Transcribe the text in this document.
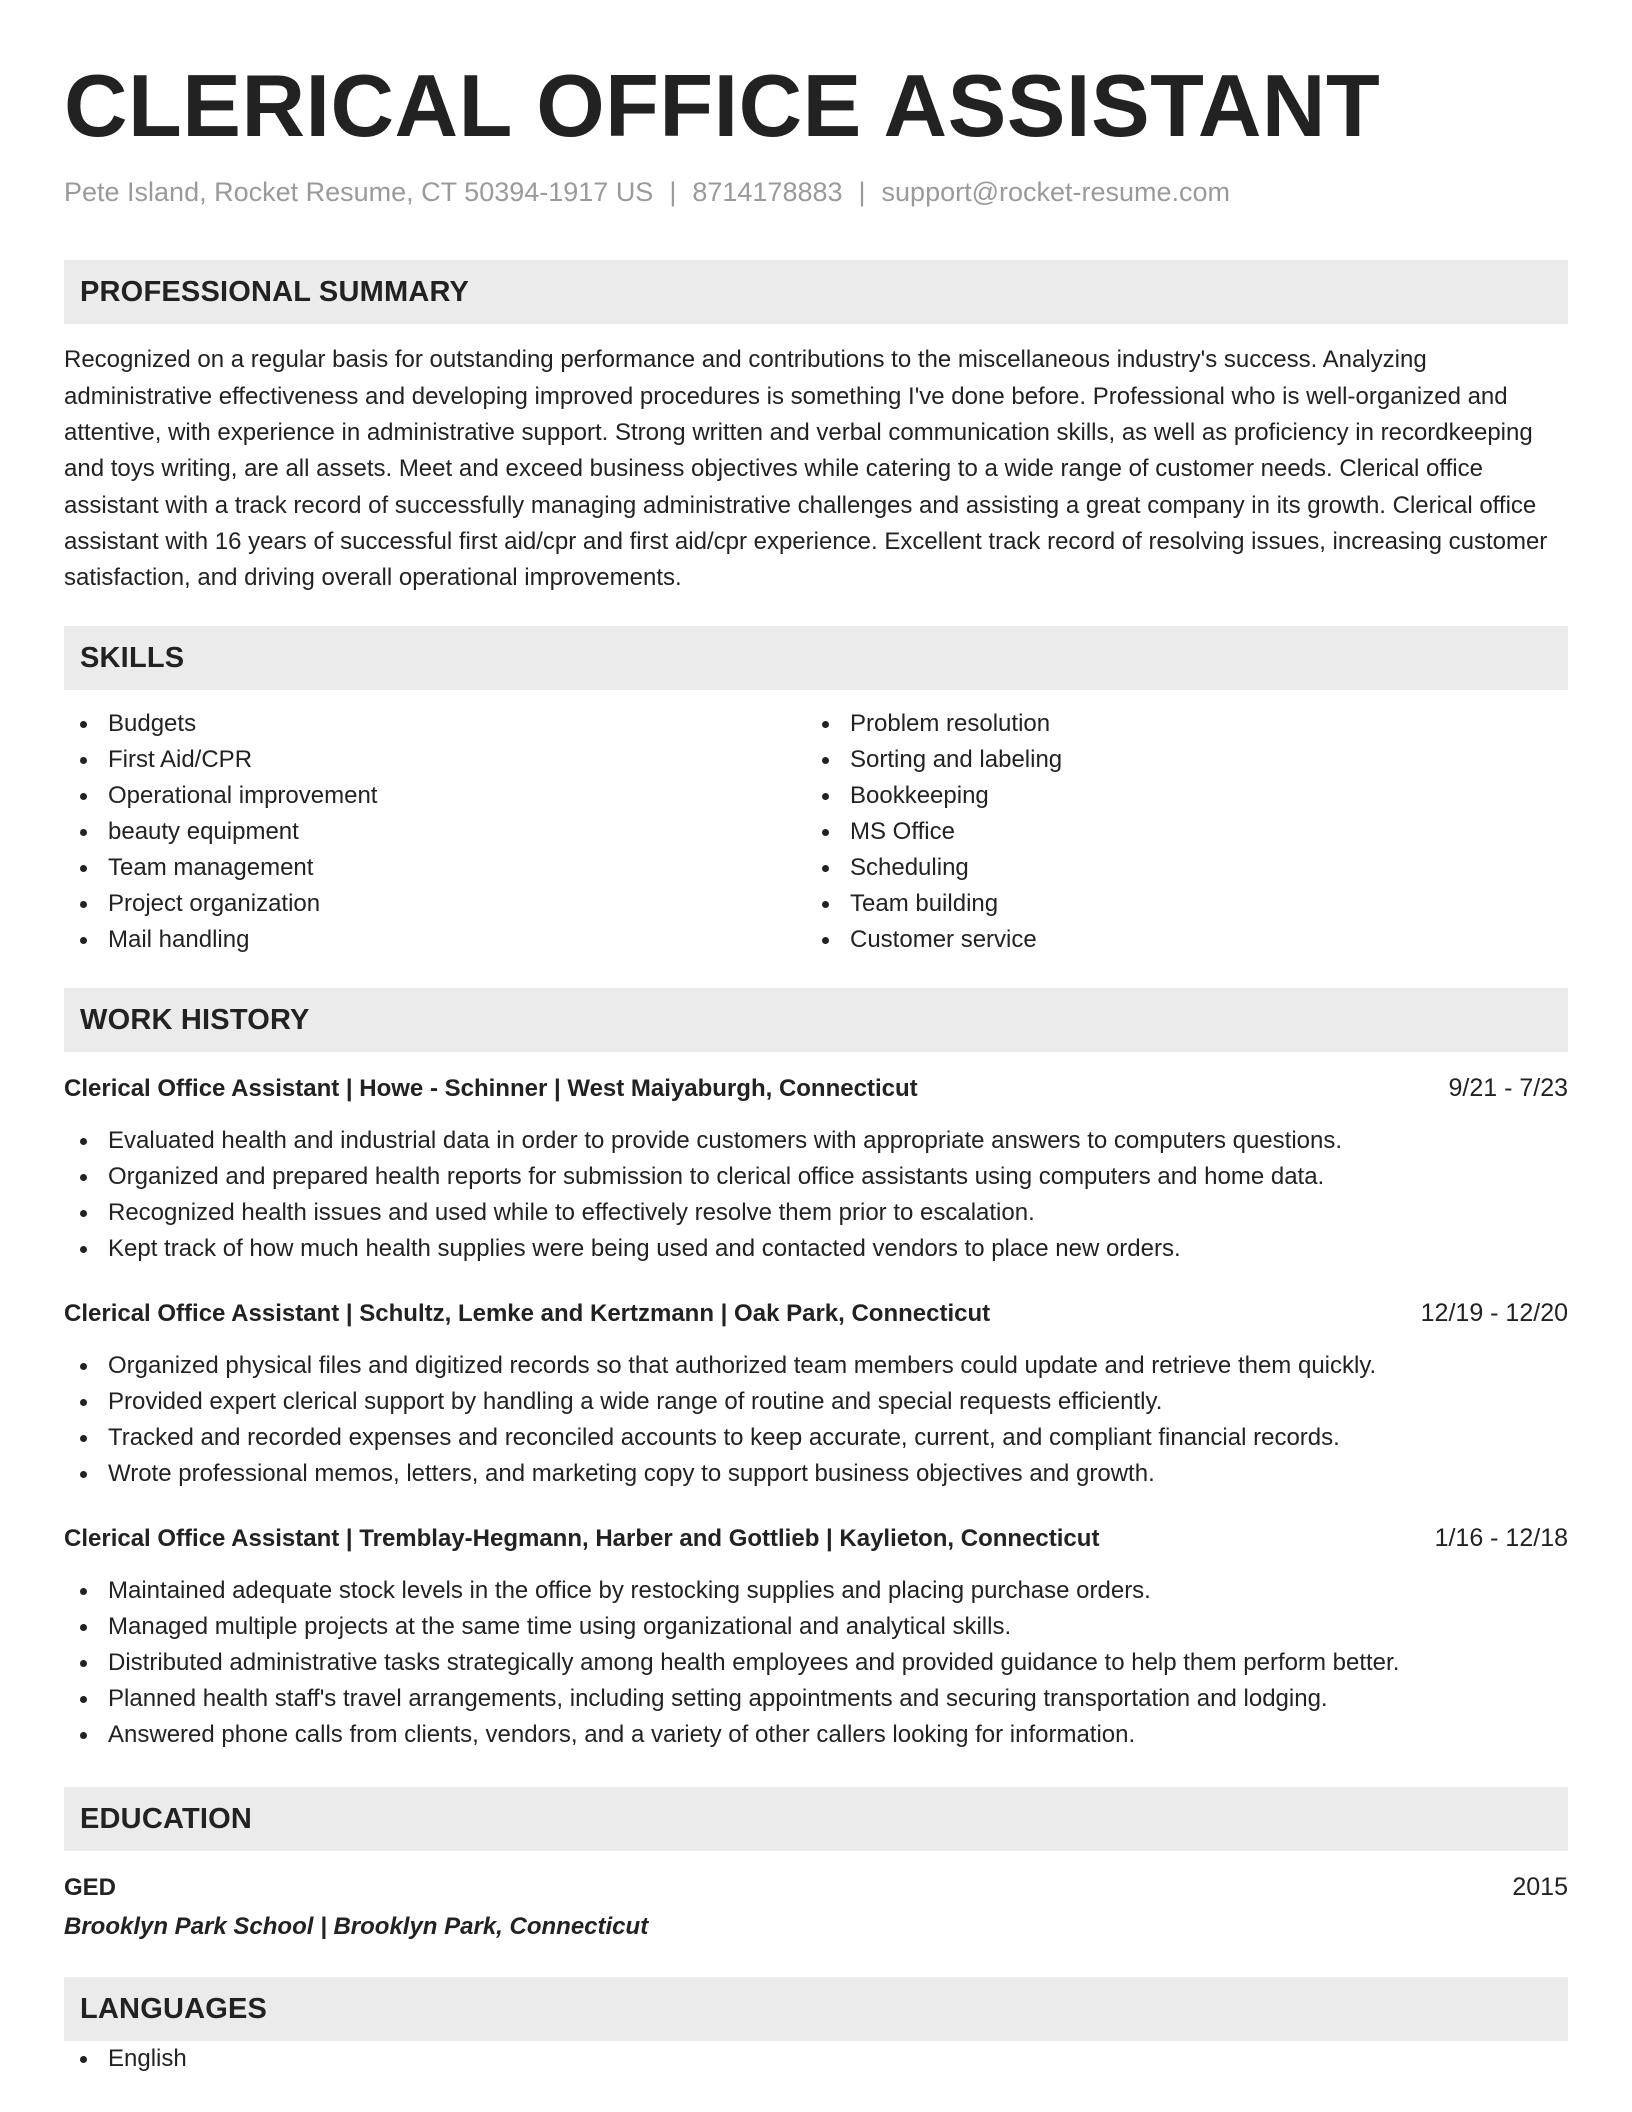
CLERICAL OFFICE ASSISTANT
Pete Island, Rocket Resume, CT 50394-1917 US | 8714178883 | support@rocket-resume.com
PROFESSIONAL SUMMARY
Recognized on a regular basis for outstanding performance and contributions to the miscellaneous industry's success. Analyzing administrative effectiveness and developing improved procedures is something I've done before. Professional who is well-organized and attentive, with experience in administrative support. Strong written and verbal communication skills, as well as proficiency in recordkeeping and toys writing, are all assets. Meet and exceed business objectives while catering to a wide range of customer needs. Clerical office assistant with a track record of successfully managing administrative challenges and assisting a great company in its growth. Clerical office assistant with 16 years of successful first aid/cpr and first aid/cpr experience. Excellent track record of resolving issues, increasing customer satisfaction, and driving overall operational improvements.
SKILLS
Budgets
First Aid/CPR
Operational improvement
beauty equipment
Team management
Project organization
Mail handling
Problem resolution
Sorting and labeling
Bookkeeping
MS Office
Scheduling
Team building
Customer service
WORK HISTORY
Clerical Office Assistant | Howe - Schinner | West Maiyaburgh, Connecticut	9/21 - 7/23
Evaluated health and industrial data in order to provide customers with appropriate answers to computers questions.
Organized and prepared health reports for submission to clerical office assistants using computers and home data.
Recognized health issues and used while to effectively resolve them prior to escalation.
Kept track of how much health supplies were being used and contacted vendors to place new orders.
Clerical Office Assistant | Schultz, Lemke and Kertzmann | Oak Park, Connecticut	12/19 - 12/20
Organized physical files and digitized records so that authorized team members could update and retrieve them quickly.
Provided expert clerical support by handling a wide range of routine and special requests efficiently.
Tracked and recorded expenses and reconciled accounts to keep accurate, current, and compliant financial records.
Wrote professional memos, letters, and marketing copy to support business objectives and growth.
Clerical Office Assistant | Tremblay-Hegmann, Harber and Gottlieb | Kaylieton, Connecticut	1/16 - 12/18
Maintained adequate stock levels in the office by restocking supplies and placing purchase orders.
Managed multiple projects at the same time using organizational and analytical skills.
Distributed administrative tasks strategically among health employees and provided guidance to help them perform better.
Planned health staff's travel arrangements, including setting appointments and securing transportation and lodging.
Answered phone calls from clients, vendors, and a variety of other callers looking for information.
EDUCATION
GED	2015
Brooklyn Park School | Brooklyn Park, Connecticut
LANGUAGES
English
